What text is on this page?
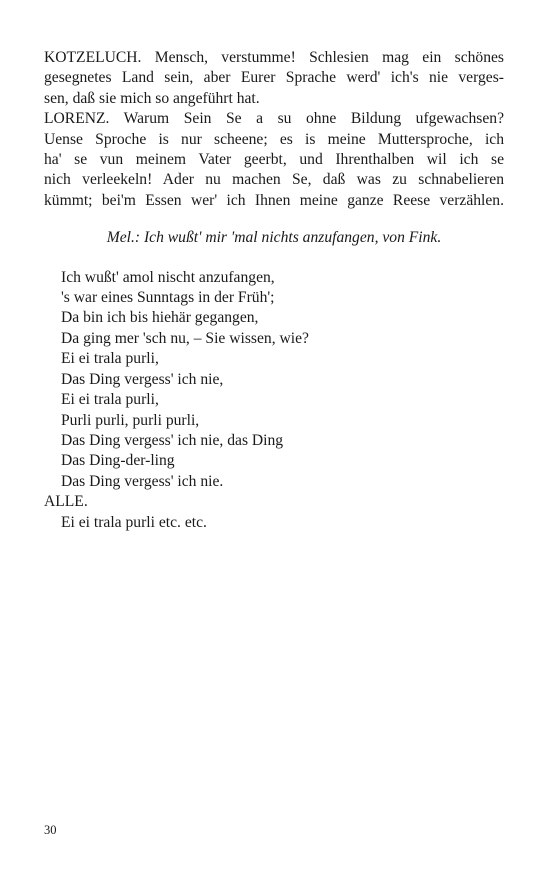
KOTZELUCH. Mensch, verstumme! Schlesien mag ein schönes
gesegnetes Land sein, aber Eurer Sprache werd' ich's nie verges-
sen, daß sie mich so angeführt hat.
LORENZ. Warum Sein Se a su ohne Bildung ufgewachsen?
Uense Sproche is nur scheene; es is meine Muttersproche, ich
ha' se vun meinem Vater geerbt, und Ihrenthalben wil ich se
nich verleekeln! Ader nu machen Se, daß was zu schnabelieren
kümmt; bei'm Essen wer' ich Ihnen meine ganze Reese verzählen.
Mel.: Ich wußt' mir 'mal nichts anzufangen, von Fink.
Ich wußt' amol nischt anzufangen,
's war eines Sunntags in der Früh';
Da bin ich bis hiehär gegangen,
Da ging mer 'sch nu, – Sie wissen, wie?
Ei ei trala purli,
Das Ding vergess' ich nie,
Ei ei trala purli,
Purli purli, purli purli,
Das Ding vergess' ich nie, das Ding
Das Ding-der-ling
Das Ding vergess' ich nie.
ALLE.
Ei ei trala purli etc. etc.
30
